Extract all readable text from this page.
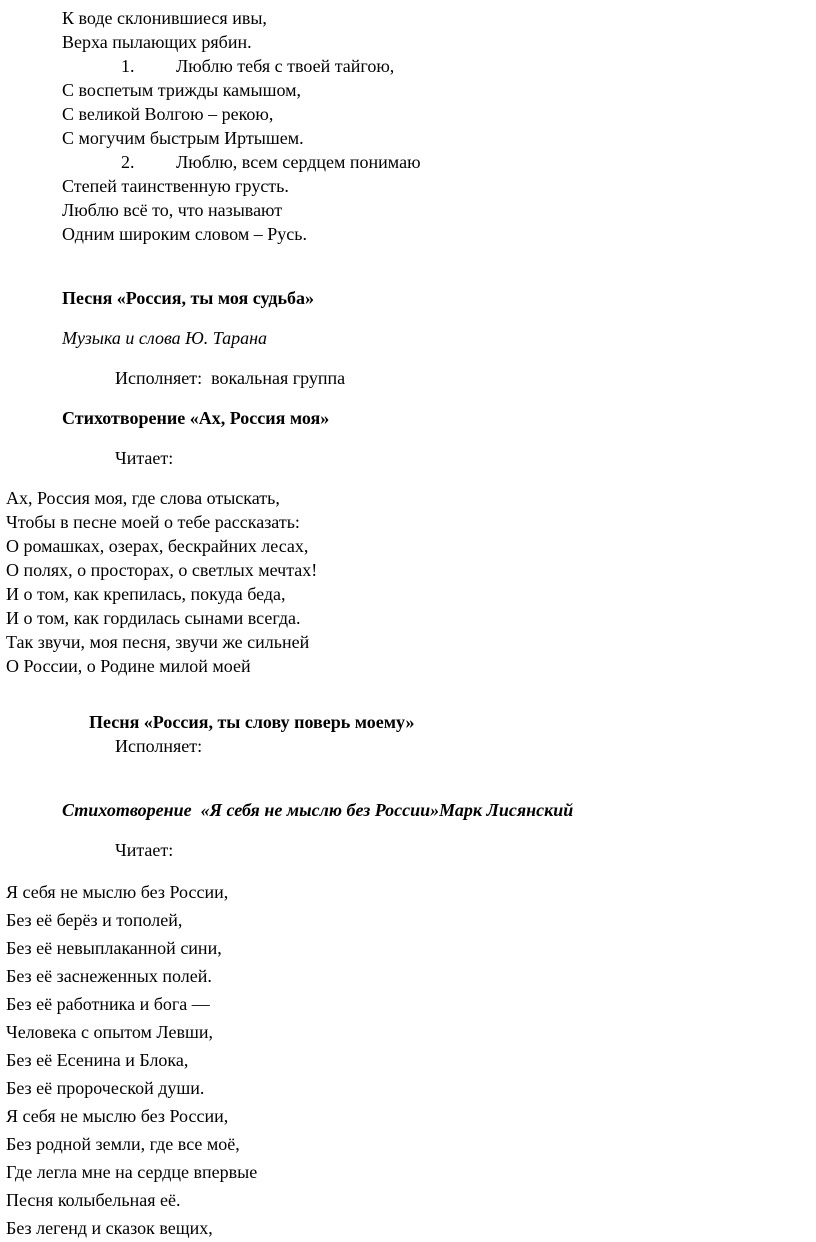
К воде склонившиеся ивы,

Верха пылающих рябин.

1. Люблю тебя с твоей тайгою,

С воспетым трижды камышом,

С великой Волгою – рекою,

С могучим быстрым Иртышем.

2. Люблю, всем сердцем понимаю

Степей таинственную грусть.

Люблю всё то, что называют

Одним широким словом – Русь.

Песня «Россия, ты моя судьба»

Музыка и слова Ю. Тарана

Исполняет:  вокальная группа

Стихотворение «Ах, Россия моя»

Читает:

Ах, Россия моя, где слова отыскать,

Чтобы в песне моей о тебе рассказать:

О ромашках, озерах, бескрайних лесах,

О полях, о просторах, о светлых мечтах!

И о том, как крепилась, покуда беда,

И о том, как гордилась сынами всегда.

Так звучи, моя песня, звучи же сильней

О России, о Родине милой моей

Песня «Россия, ты слову поверь моему»

Исполняет:

Стихотворение  «Я себя не мыслю без России»Марк Лисянский

Читает:

Я себя не мыслю без России,

Без её берёз и тополей,

Без её невыплаканной сини,

Без её заснеженных полей.

Без её работника и бога —

Человека с опытом Левши,

Без её Есенина и Блока,

Без её пророческой души.

Я себя не мыслю без России,

Без родной земли, где все моё,

Где легла мне на сердце впервые

Песня колыбельная её.

Без легенд и сказок вещих,
